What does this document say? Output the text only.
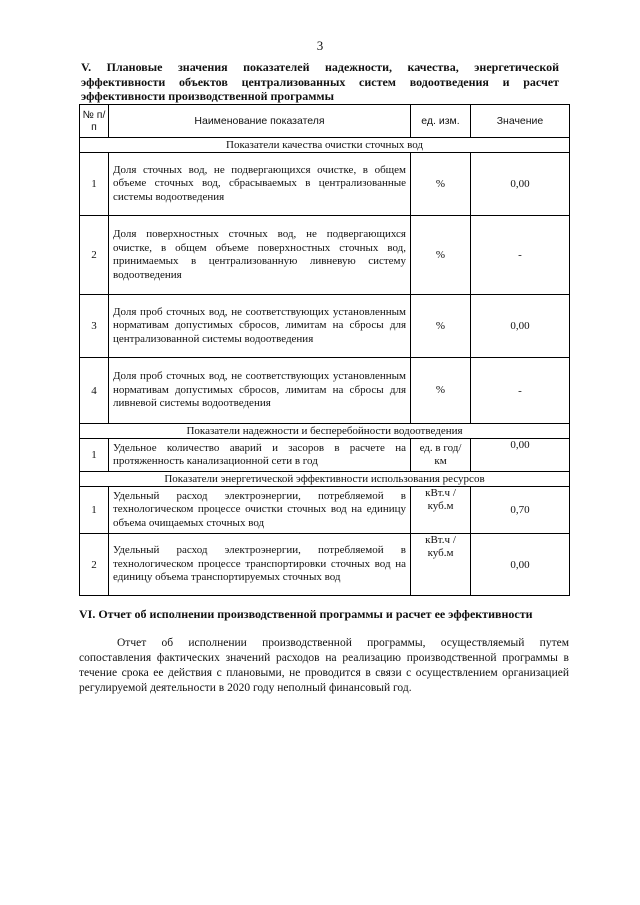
3
V. Плановые значения показателей надежности, качества, энергетической эффективности объектов централизованных систем водоотведения и расчет эффективности производственной программы
№ п/п	Наименование показателя	ед. изм.	Значение
Показатели качества очистки сточных вод			
1	Доля сточных вод, не подвергающихся очистке, в общем объеме сточных вод, сбрасываемых в централизованные системы водоотведения	%	0,00
2	Доля поверхностных сточных вод, не подвергающихся очистке, в общем объеме поверхностных сточных вод, принимаемых в централизованную ливневую систему водоотведения	%	-
3	Доля проб сточных вод, не соответствующих установленным нормативам допустимых сбросов, лимитам на сбросы для централизованной системы водоотведения	%	0,00
4	Доля проб сточных вод, не соответствующих установленным нормативам допустимых сбросов, лимитам на сбросы для ливневой системы водоотведения	%	-
Показатели надежности и бесперебойности водоотведения			
1	Удельное количество аварий и засоров в расчете на протяженность канализационной сети в год	ед. в год/ км	0,00
Показатели энергетической эффективности использования ресурсов			
1	Удельный расход электроэнергии, потребляемой в технологическом процессе очистки сточных вод на единицу объема очищаемых сточных вод	кВт.ч / куб.м	0,70
2	Удельный расход электроэнергии, потребляемой в технологическом процессе транспортировки сточных вод на единицу объема транспортируемых сточных вод	кВт.ч / куб.м	0,00
VI. Отчет об исполнении производственной программы и расчет ее эффективности
Отчет об исполнении производственной программы, осуществляемый путем сопоставления фактических значений расходов на реализацию производственной программы в течение срока ее действия с плановыми, не проводится в связи с осуществлением организацией регулируемой деятельности в 2020 году неполный финансовый год.
